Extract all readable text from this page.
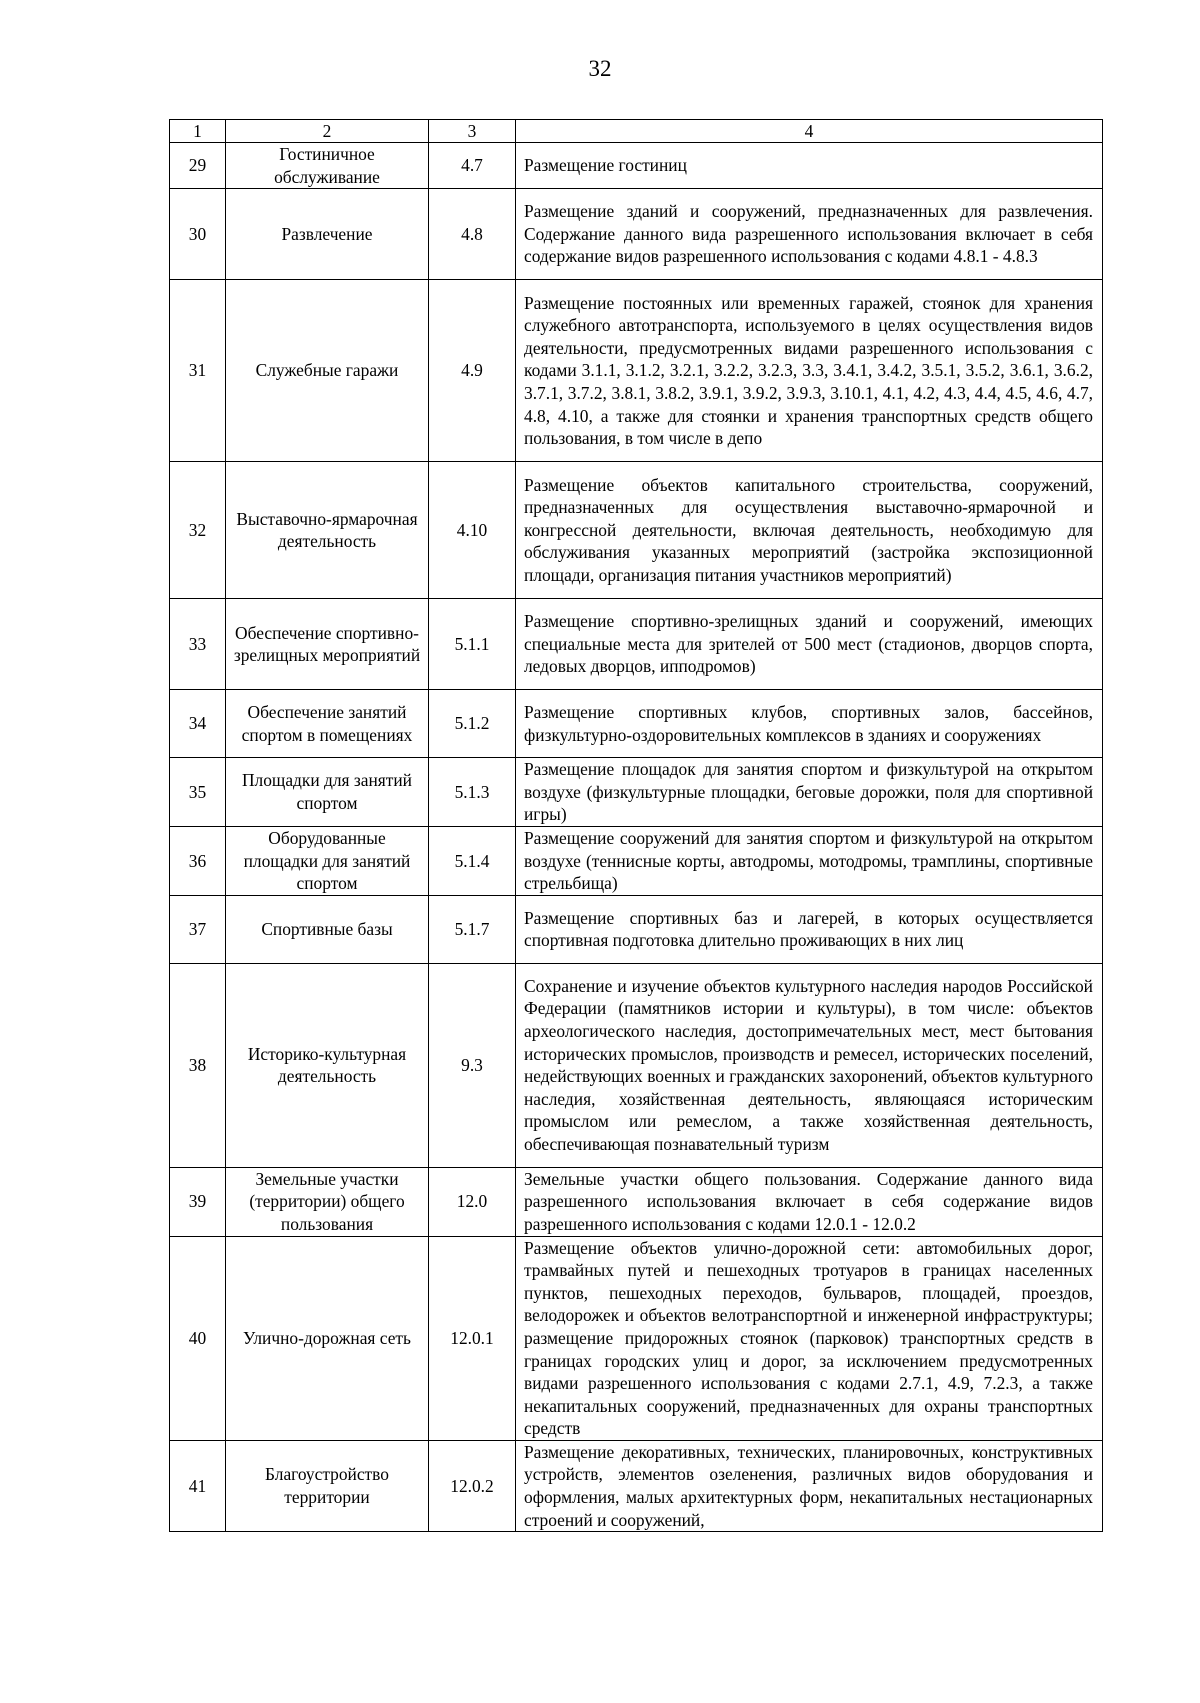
32
1	2	3	4
29	Гостиничное обслуживание	4.7	Размещение гостиниц
30	Развлечение	4.8	Размещение зданий и сооружений, предназначенных для развлечения. Содержание данного вида разрешенного использования включает в себя содержание видов разрешенного использования с кодами 4.8.1 - 4.8.3
31	Служебные гаражи	4.9	Размещение постоянных или временных гаражей, стоянок для хранения служебного автотранспорта, используемого в целях осуществления видов деятельности, предусмотренных видами разрешенного использования с кодами 3.1.1, 3.1.2, 3.2.1, 3.2.2, 3.2.3, 3.3, 3.4.1, 3.4.2, 3.5.1, 3.5.2, 3.6.1, 3.6.2, 3.7.1, 3.7.2, 3.8.1, 3.8.2, 3.9.1, 3.9.2, 3.9.3, 3.10.1, 4.1, 4.2, 4.3, 4.4, 4.5, 4.6, 4.7, 4.8, 4.10, а также для стоянки и хранения транспортных средств общего пользования, в том числе в депо
32	Выставочно-ярмарочная деятельность	4.10	Размещение объектов капитального строительства, сооружений, предназначенных для осуществления выставочно-ярмарочной и конгрессной деятельности, включая деятельность, необходимую для обслуживания указанных мероприятий (застройка экспозиционной площади, организация питания участников мероприятий)
33	Обеспечение спортивно-зрелищных мероприятий	5.1.1	Размещение спортивно-зрелищных зданий и сооружений, имеющих специальные места для зрителей от 500 мест (стадионов, дворцов спорта, ледовых дворцов, ипподромов)
34	Обеспечение занятий спортом в помещениях	5.1.2	Размещение спортивных клубов, спортивных залов, бассейнов, физкультурно-оздоровительных комплексов в зданиях и сооружениях
35	Площадки для занятий спортом	5.1.3	Размещение площадок для занятия спортом и физкультурой на открытом воздухе (физкультурные площадки, беговые дорожки, поля для спортивной игры)
36	Оборудованные площадки для занятий спортом	5.1.4	Размещение сооружений для занятия спортом и физкультурой на открытом воздухе (теннисные корты, автодромы, мотодромы, трамплины, спортивные стрельбища)
37	Спортивные базы	5.1.7	Размещение спортивных баз и лагерей, в которых осуществляется спортивная подготовка длительно проживающих в них лиц
38	Историко-культурная деятельность	9.3	Сохранение и изучение объектов культурного наследия народов Российской Федерации (памятников истории и культуры), в том числе: объектов археологического наследия, достопримечательных мест, мест бытования исторических промыслов, производств и ремесел, исторических поселений, недействующих военных и гражданских захоронений, объектов культурного наследия, хозяйственная деятельность, являющаяся историческим промыслом или ремеслом, а также хозяйственная деятельность, обеспечивающая познавательный туризм
39	Земельные участки (территории) общего пользования	12.0	Земельные участки общего пользования. Содержание данного вида разрешенного использования включает в себя содержание видов разрешенного использования с кодами 12.0.1 - 12.0.2
40	Улично-дорожная сеть	12.0.1	Размещение объектов улично-дорожной сети: автомобильных дорог, трамвайных путей и пешеходных тротуаров в границах населенных пунктов, пешеходных переходов, бульваров, площадей, проездов, велодорожек и объектов велотранспортной и инженерной инфраструктуры; размещение придорожных стоянок (парковок) транспортных средств в границах городских улиц и дорог, за исключением предусмотренных видами разрешенного использования с кодами 2.7.1, 4.9, 7.2.3, а также некапитальных сооружений, предназначенных для охраны транспортных средств
41	Благоустройство территории	12.0.2	Размещение декоративных, технических, планировочных, конструктивных устройств, элементов озеленения, различных видов оборудования и оформления, малых архитектурных форм, некапитальных нестационарных строений и сооружений,
